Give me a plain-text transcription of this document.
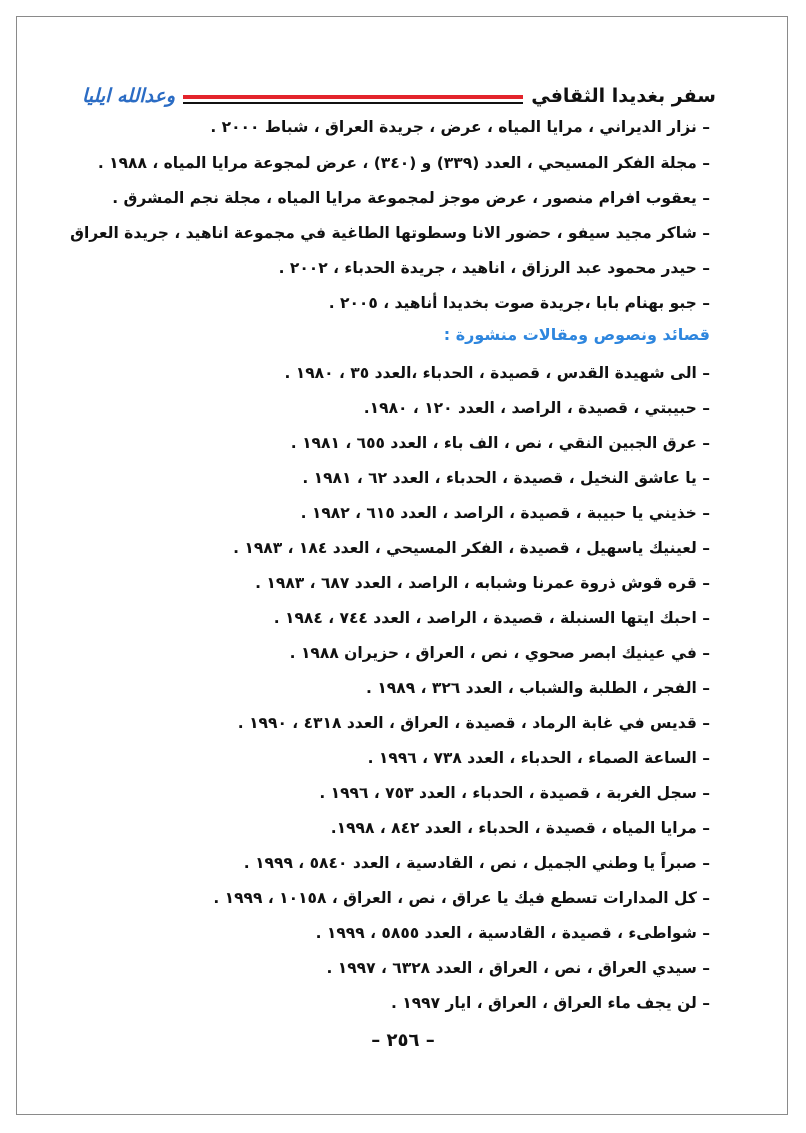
سفر بغديدا الثقافي
وعدالله ايليا
– نزار الديراني ، مرايا المياه ، عرض ، جريدة العراق ، شباط ٢٠٠٠ .
– مجلة الفكر المسيحي ، العدد (٣٣٩) و (٣٤٠) ، عرض لمجوعة مرايا المياه ، ١٩٨٨ .
– يعقوب افرام منصور ، عرض موجز لمجموعة مرايا المياه ، مجلة نجم المشرق .
– شاكر مجيد سيفو ، حضور الانا وسطوتها الطاغية في مجموعة اناهيد ، جريدة العراق
– حيدر محمود عبد الرزاق ، اناهيد ، جريدة الحدباء ، ٢٠٠٢ .
– جبو بهنام بابا ،جريدة صوت بخديدا أناهيد ، ٢٠٠٥ .
قصائد ونصوص ومقالات منشورة :
– الى شهيدة القدس ، قصيدة ، الحدباء ،العدد ٣٥ ، ١٩٨٠ .
– حبيبتي ، قصيدة ، الراصد ، العدد ١٢٠ ، ١٩٨٠.
– عرق الجبين النقي ، نص ، الف باء ، العدد ٦٥٥ ، ١٩٨١ .
– يا عاشق النخيل ، قصيدة ، الحدباء ، العدد ٦٢ ، ١٩٨١ .
– خذيني يا حبيبة ، قصيدة ، الراصد ، العدد ٦١٥ ، ١٩٨٢ .
– لعينيك ياسهيل ، قصيدة ، الفكر المسيحي ، العدد ١٨٤ ، ١٩٨٣ .
– قره قوش ذروة عمرنا وشبابه ، الراصد ، العدد ٦٨٧ ، ١٩٨٣ .
– احبك ايتها السنبلة ، قصيدة ، الراصد ، العدد ٧٤٤ ، ١٩٨٤ .
– في عينيك ابصر صحوي ، نص ، العراق ، حزيران ١٩٨٨ .
– الفجر ، الطلبة والشباب ، العدد ٣٢٦ ، ١٩٨٩ .
– قديس في غابة الرماد ، قصيدة ، العراق ، العدد ٤٣١٨ ، ١٩٩٠ .
– الساعة الصماء ، الحدباء ، العدد ٧٣٨ ، ١٩٩٦ .
– سجل الغربة ، قصيدة ، الحدباء ، العدد ٧٥٣ ، ١٩٩٦ .
– مرايا المياه ، قصيدة ، الحدباء ، العدد ٨٤٢ ، ١٩٩٨.
– صبراً يا وطني الجميل ، نص ، القادسية ، العدد ٥٨٤٠ ، ١٩٩٩ .
– كل المدارات تسطع فيك يا عراق ، نص ، العراق ، ١٠١٥٨ ، ١٩٩٩ .
– شواطىء ، قصيدة ، القادسية ، العدد ٥٨٥٥ ، ١٩٩٩ .
– سيدي العراق ، نص ، العراق ، العدد ٦٣٢٨ ، ١٩٩٧ .
– لن يجف ماء العراق ، العراق ، ايار ١٩٩٧ .
– ٢٥٦ –
